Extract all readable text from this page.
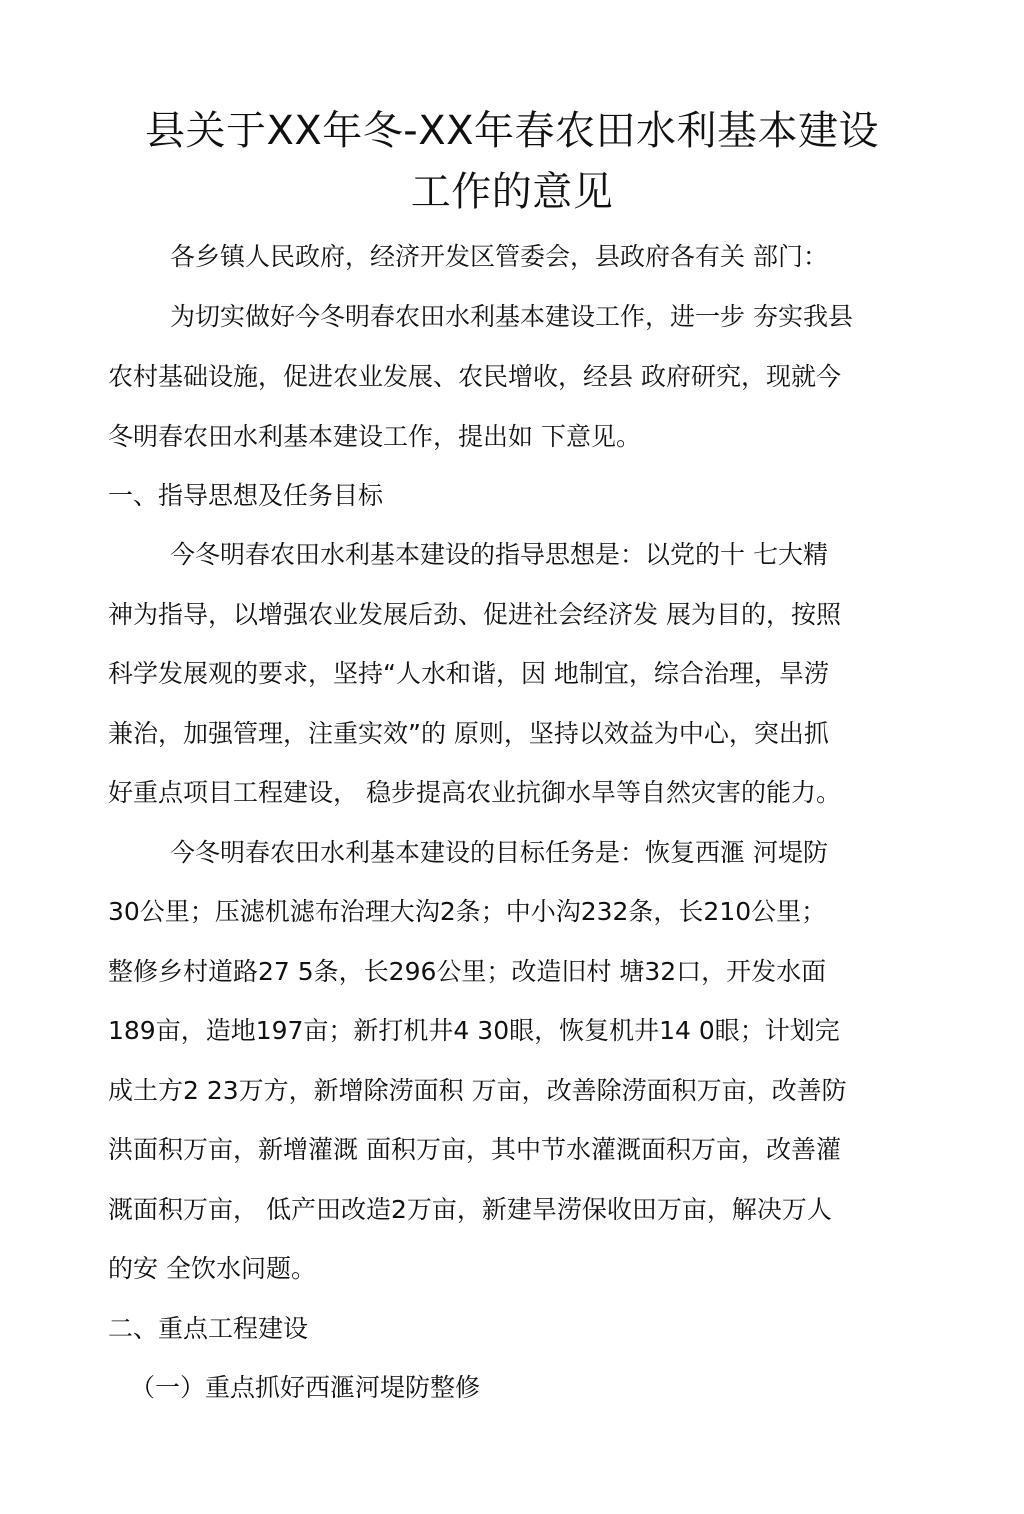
县关于XX年冬-XX年春农田水利基本建设
工作的意见

各乡镇人民政府，经济开发区管委会，县政府各有关 部门：

为切实做好今冬明春农田水利基本建设工作，进一步 夯实我县

农村基础设施，促进农业发展、农民增收，经县 政府研究，现就今

冬明春农田水利基本建设工作，提出如 下意见。

一、指导思想及任务目标

今冬明春农田水利基本建设的指导思想是：以党的十 七大精

神为指导，以增强农业发展后劲、促进社会经济发 展为目的，按照

科学发展观的要求，坚持“人水和谐，因 地制宜，综合治理，旱涝

兼治，加强管理，注重实效”的 原则，坚持以效益为中心，突出抓

好重点项目工程建设， 稳步提高农业抗御水旱等自然灾害的能力。

今冬明春农田水利基本建设的目标任务是：恢复西滙 河堤防

30公里；压滤机滤布治理大沟2条；中小沟232条，长210公里；

整修乡村道路27 5条，长296公里；改造旧村 塘32口，开发水面

189亩，造地197亩；新打机井4 30眼，恢复机井14 0眼；计划完

成土方2 23万方，新增除涝面积 万亩，改善除涝面积万亩，改善防

洪面积万亩，新增灌溉 面积万亩，其中节水灌溉面积万亩，改善灌

溉面积万亩， 低产田改造2万亩，新建旱涝保收田万亩，解决万人

的安 全饮水问题。

二、重点工程建设

（一）重点抓好西滙河堤防整修
